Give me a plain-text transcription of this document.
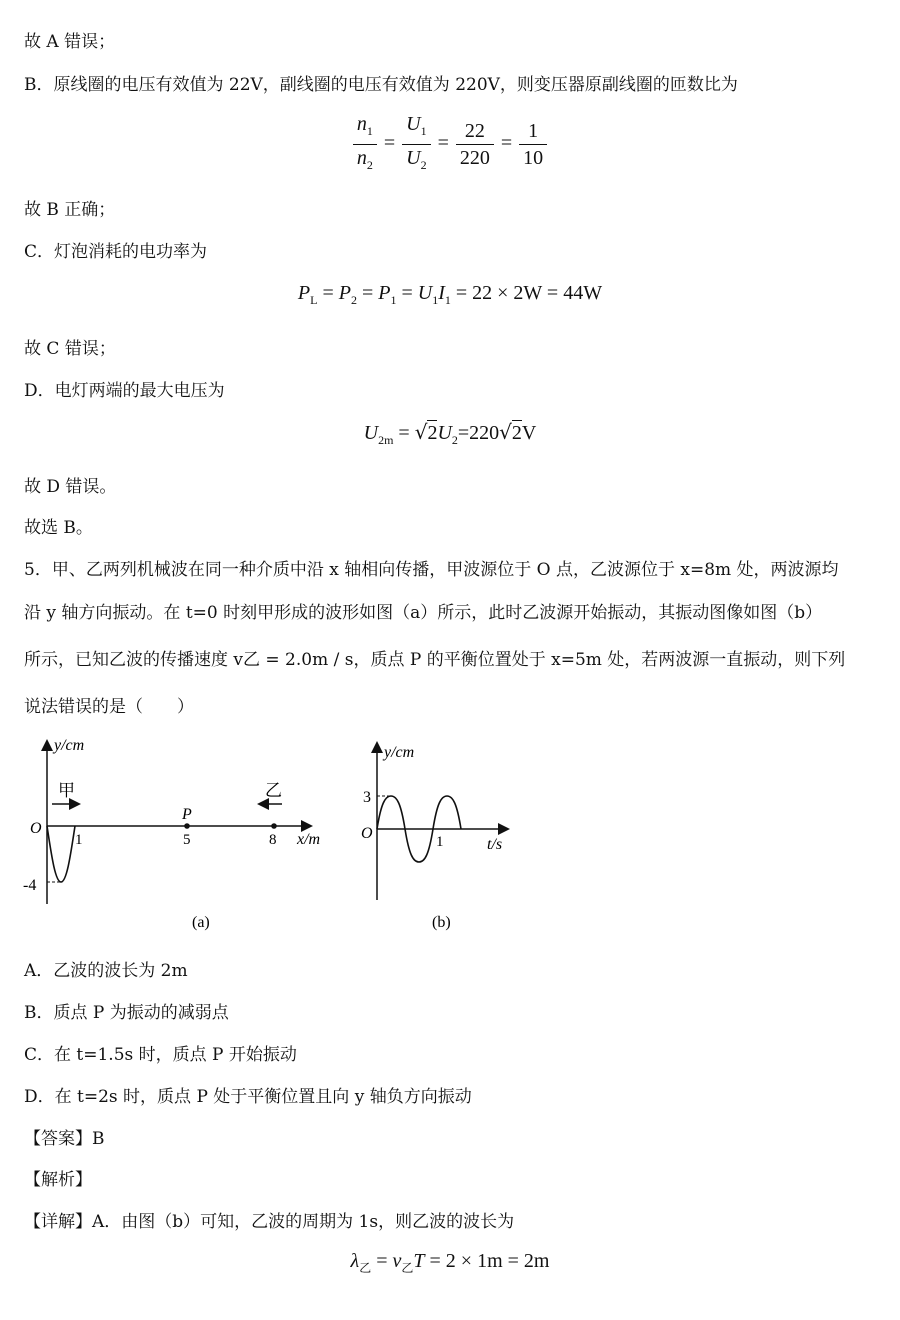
故 A 错误；
B．原线圈的电压有效值为 22V，副线圈的电压有效值为 220V，则变压器原副线圈的匝数比为
$\frac{n_1}{n_2} = \frac{U_1}{U_2} = \frac{22}{220} = \frac{1}{10}$
故 B 正确；
C．灯泡消耗的电功率为
$P_L = P_2 = P_1 = U_1I_1 = 22 \times 2W = 44W$
故 C 错误；
D．电灯两端的最大电压为
$U_{2m} = √2U_2=220√2V$
故 D 错误。
故选 B。
5．甲、乙两列机械波在同一种介质中沿 x 轴相向传播，甲波源位于 O 点，乙波源位于 x=8m 处，两波源均
沿 y 轴方向振动。在 t=0 时刻甲形成的波形如图（a）所示，此时乙波源开始振动，其振动图像如图（b）
所示，已知乙波的传播速度 v乙 = 2.0m / s，质点 P 的平衡位置处于 x=5m 处，若两波源一直振动，则下列
说法错误的是（　　）
y/cm
x/m
O
-4
1
甲
P
5	8
乙
(a)
y/cm
t/s
O
3
1
(b)
A．乙波的波长为 2m
B．质点 P 为振动的减弱点
C．在 t=1.5s 时，质点 P 开始振动
D．在 t=2s 时，质点 P 处于平衡位置且向 y 轴负方向振动
【答案】B
【解析】
【详解】A．由图（b）可知，乙波的周期为 1s，则乙波的波长为
$\lambda_乙 = v_乙T = 2 \times 1m = 2m$
